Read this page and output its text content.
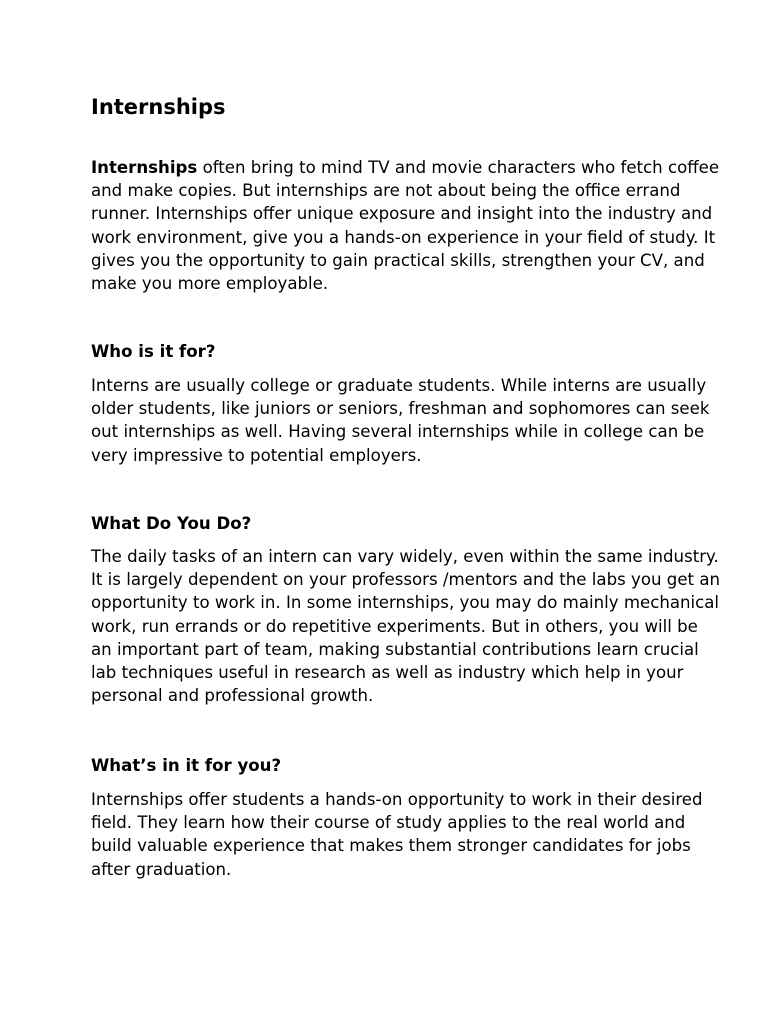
Internships

Internships often bring to mind TV and movie characters who fetch coffee
and make copies. But internships are not about being the office errand
runner. Internships offer unique exposure and insight into the industry and
work environment, give you a hands-on experience in your field of study. It
gives you the opportunity to gain practical skills, strengthen your CV, and
make you more employable.

Who is it for?

Interns are usually college or graduate students. While interns are usually
older students, like juniors or seniors, freshman and sophomores can seek
out internships as well. Having several internships while in college can be
very impressive to potential employers.

What Do You Do?

The daily tasks of an intern can vary widely, even within the same industry.
It is largely dependent on your professors /mentors and the labs you get an
opportunity to work in. In some internships, you may do mainly mechanical
work, run errands or do repetitive experiments. But in others, you will be
an important part of team, making substantial contributions learn crucial
lab techniques useful in research as well as industry which help in your
personal and professional growth.

What’s in it for you?

Internships offer students a hands-on opportunity to work in their desired
field. They learn how their course of study applies to the real world and
build valuable experience that makes them stronger candidates for jobs
after graduation.
